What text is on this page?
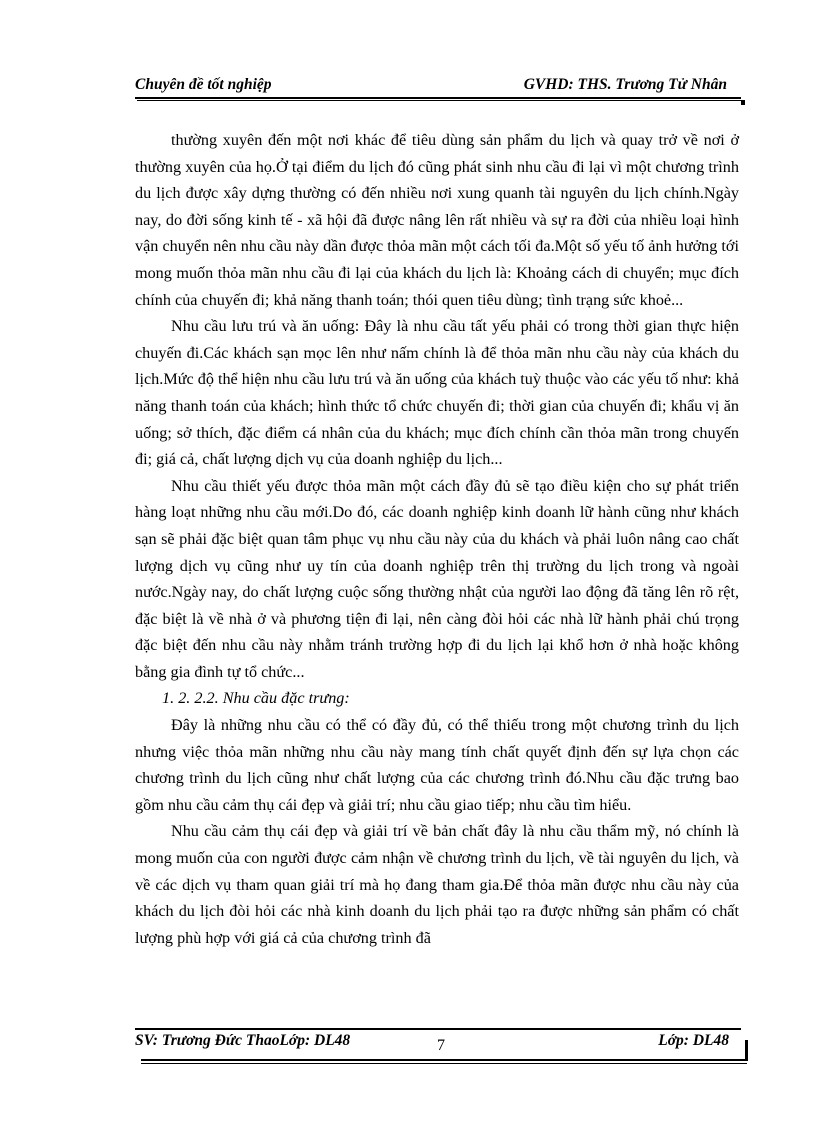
Chuyên đề tốt nghiệp	GVHD: THS. Trương Tử Nhân

thường xuyên đến một nơi khác để tiêu dùng sản phẩm du lịch và quay trở về nơi ở thường xuyên của họ.Ở tại điểm du lịch đó cũng phát sinh nhu cầu đi lại vì một chương trình du lịch được xây dựng thường có đến nhiều nơi xung quanh tài nguyên du lịch chính.Ngày nay, do đời sống kinh tế - xã hội đã được nâng lên rất nhiều và sự ra đời của nhiều loại hình vận chuyển nên nhu cầu này dần được thỏa mãn một cách tối đa.Một số yếu tố ảnh hưởng tới mong muốn thỏa mãn nhu cầu đi lại của khách du lịch là: Khoảng cách di chuyển; mục đích chính của chuyến đi; khả năng thanh toán; thói quen tiêu dùng; tình trạng sức khoẻ...

Nhu cầu lưu trú và ăn uống: Đây là nhu cầu tất yếu phải có trong thời gian thực hiện chuyến đi.Các khách sạn mọc lên như nấm chính là để thỏa mãn nhu cầu này của khách du lịch.Mức độ thể hiện nhu cầu lưu trú và ăn uống của khách tuỳ thuộc vào các yếu tố như: khả năng thanh toán của khách; hình thức tổ chức chuyến đi; thời gian của chuyến đi; khẩu vị ăn uống; sở thích, đặc điểm cá nhân của du khách; mục đích chính cần thỏa mãn trong chuyến đi; giá cả, chất lượng dịch vụ của doanh nghiệp du lịch...

Nhu cầu thiết yếu được thỏa mãn một cách đầy đủ sẽ tạo điều kiện cho sự phát triển hàng loạt những nhu cầu mới.Do đó, các doanh nghiệp kinh doanh lữ hành cũng như khách sạn sẽ phải đặc biệt quan tâm phục vụ nhu cầu này của du khách và phải luôn nâng cao chất lượng dịch vụ cũng như uy tín của doanh nghiệp trên thị trường du lịch trong và ngoài nước.Ngày nay, do chất lượng cuộc sống thường nhật của người lao động đã tăng lên rõ rệt, đặc biệt là về nhà ở và phương tiện đi lại, nên càng đòi hỏi các nhà lữ hành phải chú trọng đặc biệt đến nhu cầu này nhằm tránh trường hợp đi du lịch lại khổ hơn ở nhà hoặc không bằng gia đình tự tổ chức...

1. 2. 2.2. Nhu cầu đặc trưng:

Đây là những nhu cầu có thể có đầy đủ, có thể thiếu trong một chương trình du lịch nhưng việc thỏa mãn những nhu cầu này mang tính chất quyết định đến sự lựa chọn các chương trình du lịch cũng như chất lượng của các chương trình đó.Nhu cầu đặc trưng bao gồm nhu cầu cảm thụ cái đẹp và giải trí; nhu cầu giao tiếp; nhu cầu tìm hiểu.

Nhu cầu cảm thụ cái đẹp và giải trí về bản chất đây là nhu cầu thẩm mỹ, nó chính là mong muốn của con người được cảm nhận về chương trình du lịch, về tài nguyên du lịch, và về các dịch vụ tham quan giải trí mà họ đang tham gia.Để thỏa mãn được nhu cầu này của khách du lịch đòi hỏi các nhà kinh doanh du lịch phải tạo ra được những sản phẩm có chất lượng phù hợp với giá cả của chương trình đã

SV: Trương Đức ThaoLớp: DL48	Lớp: DL48
7
